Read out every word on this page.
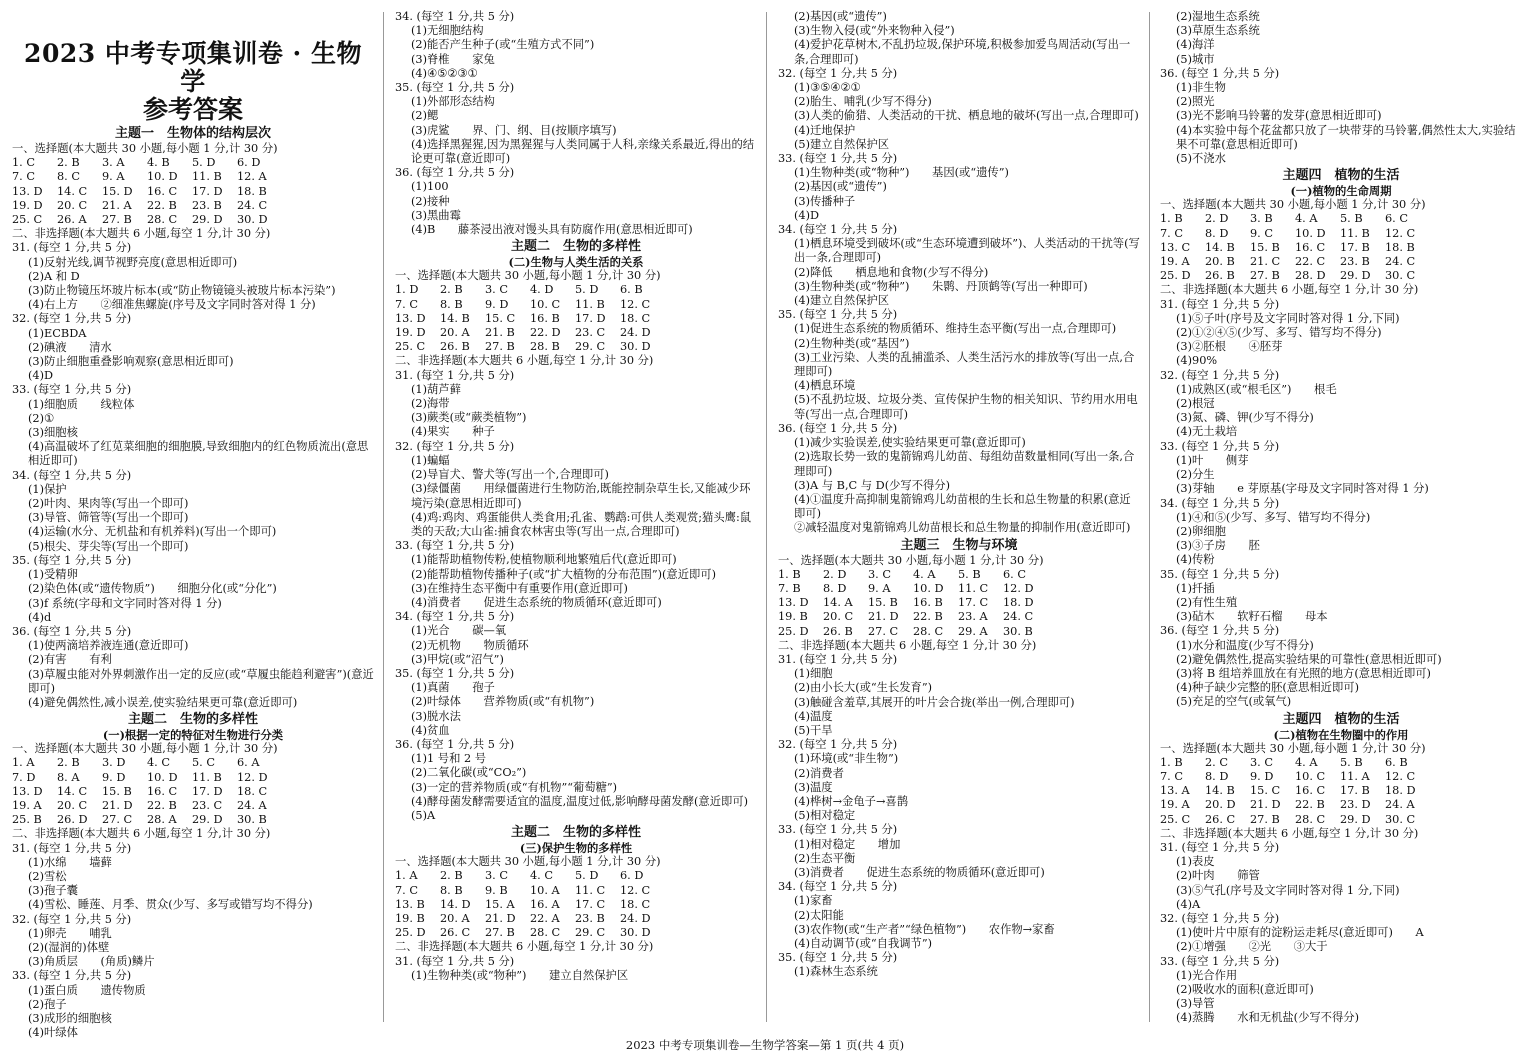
2023 中考专项集训卷 · 生物学
参考答案
主题一　生物体的结构层次
一、选择题(本大题共 30 小题,每小题 1 分,计 30 分)
1. C	2. B	3. A	4. B	5. D	6. D
7. C	8. C	9. A	10. D	11. B	12. A
13. D	14. C	15. D	16. C	17. D	18. B
19. D	20. C	21. A	22. B	23. B	24. C
25. C	26. A	27. B	28. C	29. D	30. D
二、非选择题(本大题共 6 小题,每空 1 分,计 30 分)
31. (每空 1 分,共 5 分)
(1)反射光线,调节视野亮度(意思相近即可)
(2)A 和 D
(3)防止物镜压坏玻片标本(或“防止物镜镜头被玻片标本污染”)
(4)右上方　　②细准焦螺旋(序号及文字同时答对得 1 分)
32. (每空 1 分,共 5 分)
(1)ECBDA
(2)碘液　　清水
(3)防止细胞重叠影响观察(意思相近即可)
(4)D
33. (每空 1 分,共 5 分)
(1)细胞质　　线粒体
(2)①
(3)细胞核
(4)高温破坏了红苋菜细胞的细胞膜,导致细胞内的红色物质流出(意思相近即可)
34. (每空 1 分,共 5 分)
(1)保护
(2)叶肉、果肉等(写出一个即可)
(3)导管、筛管等(写出一个即可)
(4)运输(水分、无机盐和有机养料)(写出一个即可)
(5)根尖、芽尖等(写出一个即可)
35. (每空 1 分,共 5 分)
(1)受精卵
(2)染色体(或“遗传物质”)　　细胞分化(或“分化”)
(3)f 系统(字母和文字同时答对得 1 分)
(4)d
36. (每空 1 分,共 5 分)
(1)使两滴培养液连通(意近即可)
(2)有害　　有利
(3)草履虫能对外界刺激作出一定的反应(或“草履虫能趋利避害”)(意近即可)
(4)避免偶然性,减小误差,使实验结果更可靠(意近即可)
主题二　生物的多样性
(一)根据一定的特征对生物进行分类
一、选择题(本大题共 30 小题,每小题 1 分,计 30 分)
1. A	2. B	3. D	4. C	5. C	6. A
7. D	8. A	9. D	10. D	11. B	12. D
13. D	14. C	15. B	16. C	17. D	18. C
19. A	20. C	21. D	22. B	23. C	24. A
25. B	26. D	27. C	28. A	29. D	30. B
二、非选择题(本大题共 6 小题,每空 1 分,计 30 分)
31. (每空 1 分,共 5 分)
(1)水绵　　墙藓
(2)雪松
(3)孢子囊
(4)雪松、睡莲、月季、贯众(少写、多写或错写均不得分)
32. (每空 1 分,共 5 分)
(1)卵壳　　哺乳
(2)(湿润的)体壁
(3)角质层　　(角质)鳞片
33. (每空 1 分,共 5 分)
(1)蛋白质　　遗传物质
(2)孢子
(3)成形的细胞核
(4)叶绿体
34. (每空 1 分,共 5 分)
(1)无细胞结构
(2)能否产生种子(或“生殖方式不同”)
(3)脊椎　　家兔
(4)④⑤②③①
35. (每空 1 分,共 5 分)
(1)外部形态结构
(2)鳃
(3)虎鲨　　界、门、纲、目(按顺序填写)
(4)选择黑猩猩,因为黑猩猩与人类同属于人科,亲缘关系最近,得出的结论更可靠(意近即可)
36. (每空 1 分,共 5 分)
(1)100
(2)接种
(3)黑曲霉
(4)B　　藤茶浸出液对馒头具有防腐作用(意思相近即可)
主题二　生物的多样性
(二)生物与人类生活的关系
一、选择题(本大题共 30 小题,每小题 1 分,计 30 分)
1. D	2. B	3. C	4. D	5. D	6. B
7. C	8. B	9. D	10. C	11. B	12. C
13. D	14. B	15. C	16. B	17. D	18. C
19. D	20. A	21. B	22. D	23. C	24. D
25. C	26. B	27. B	28. B	29. C	30. D
二、非选择题(本大题共 6 小题,每空 1 分,计 30 分)
31. (每空 1 分,共 5 分)
(1)葫芦藓
(2)海带
(3)蕨类(或“蕨类植物”)
(4)果实　　种子
32. (每空 1 分,共 5 分)
(1)蝙蝠
(2)导盲犬、警犬等(写出一个,合理即可)
(3)绿僵菌　　用绿僵菌进行生物防治,既能控制杂草生长,又能减少环境污染(意思相近即可)
(4)鸡:鸡肉、鸡蛋能供人类食用;孔雀、鹦鹉:可供人类观赏;猫头鹰:鼠类的天敌;大山雀:捕食农林害虫等(写出一点,合理即可)
33. (每空 1 分,共 5 分)
(1)能帮助植物传粉,使植物顺利地繁殖后代(意近即可)
(2)能帮助植物传播种子(或“扩大植物的分布范围”)(意近即可)
(3)在维持生态平衡中有重要作用(意近即可)
(4)消费者　　促进生态系统的物质循环(意近即可)
34. (每空 1 分,共 5 分)
(1)光合　　碳—氧
(2)无机物　　物质循环
(3)甲烷(或“沼气”)
35. (每空 1 分,共 5 分)
(1)真菌　　孢子
(2)叶绿体　　营养物质(或“有机物”)
(3)脱水法
(4)贫血
36. (每空 1 分,共 5 分)
(1)1 号和 2 号
(2)二氧化碳(或“CO₂”)
(3)一定的营养物质(或“有机物”“葡萄糖”)
(4)酵母菌发酵需要适宜的温度,温度过低,影响酵母菌发酵(意近即可)
(5)A
主题二　生物的多样性
(三)保护生物的多样性
一、选择题(本大题共 30 小题,每小题 1 分,计 30 分)
1. A	2. B	3. C	4. C	5. D	6. D
7. C	8. B	9. B	10. A	11. C	12. C
13. B	14. D	15. A	16. A	17. C	18. C
19. B	20. A	21. D	22. A	23. B	24. D
25. D	26. C	27. B	28. C	29. C	30. D
二、非选择题(本大题共 6 小题,每空 1 分,计 30 分)
31. (每空 1 分,共 5 分)
(1)生物种类(或“物种”)　　建立自然保护区
(2)基因(或“遗传”)
(3)生物入侵(或“外来物种入侵”)
(4)爱护花草树木,不乱扔垃圾,保护环境,积极参加爱鸟周活动(写出一条,合理即可)
32. (每空 1 分,共 5 分)
(1)③⑤④②①
(2)胎生、哺乳(少写不得分)
(3)人类的偷猎、人类活动的干扰、栖息地的破坏(写出一点,合理即可)
(4)迁地保护
(5)建立自然保护区
33. (每空 1 分,共 5 分)
(1)生物种类(或“物种”)　　基因(或“遗传”)
(2)基因(或“遗传”)
(3)传播种子
(4)D
34. (每空 1 分,共 5 分)
(1)栖息环境受到破坏(或“生态环境遭到破坏”)、人类活动的干扰等(写出一条,合理即可)
(2)降低　　栖息地和食物(少写不得分)
(3)生物种类(或“物种”)　　朱鹮、丹顶鹤等(写出一种即可)
(4)建立自然保护区
35. (每空 1 分,共 5 分)
(1)促进生态系统的物质循环、维持生态平衡(写出一点,合理即可)
(2)生物种类(或“基因”)
(3)工业污染、人类的乱捕滥杀、人类生活污水的排放等(写出一点,合理即可)
(4)栖息环境
(5)不乱扔垃圾、垃圾分类、宣传保护生物的相关知识、节约用水用电等(写出一点,合理即可)
36. (每空 1 分,共 5 分)
(1)减少实验误差,使实验结果更可靠(意近即可)
(2)选取长势一致的鬼箭锦鸡儿幼苗、每组幼苗数量相同(写出一条,合理即可)
(3)A 与 B,C 与 D(少写不得分)
(4)①温度升高抑制鬼箭锦鸡儿幼苗根的生长和总生物量的积累(意近即可)
②减轻温度对鬼箭锦鸡儿幼苗根长和总生物量的抑制作用(意近即可)
主题三　生物与环境
一、选择题(本大题共 30 小题,每小题 1 分,计 30 分)
1. B	2. D	3. C	4. A	5. B	6. C
7. B	8. D	9. A	10. D	11. C	12. D
13. D	14. A	15. B	16. B	17. C	18. D
19. B	20. C	21. D	22. B	23. A	24. C
25. D	26. B	27. C	28. C	29. A	30. B
二、非选择题(本大题共 6 小题,每空 1 分,计 30 分)
31. (每空 1 分,共 5 分)
(1)细胞
(2)由小长大(或“生长发育”)
(3)触碰含羞草,其展开的叶片会合拢(举出一例,合理即可)
(4)温度
(5)干旱
32. (每空 1 分,共 5 分)
(1)环境(或“非生物”)
(2)消费者
(3)温度
(4)桦树→金龟子→喜鹊
(5)相对稳定
33. (每空 1 分,共 5 分)
(1)相对稳定　　增加
(2)生态平衡
(3)消费者　　促进生态系统的物质循环(意近即可)
34. (每空 1 分,共 5 分)
(1)家畜
(2)太阳能
(3)农作物(或“生产者”“绿色植物”)　　农作物→家畜
(4)自动调节(或“自我调节”)
35. (每空 1 分,共 5 分)
(1)森林生态系统
(2)湿地生态系统
(3)草原生态系统
(4)海洋
(5)城市
36. (每空 1 分,共 5 分)
(1)非生物
(2)照光
(3)光不影响马铃薯的发芽(意思相近即可)
(4)本实验中每个花盆都只放了一块带芽的马铃薯,偶然性太大,实验结果不可靠(意思相近即可)
(5)不浇水
主题四　植物的生活
(一)植物的生命周期
一、选择题(本大题共 30 小题,每小题 1 分,计 30 分)
1. B	2. D	3. B	4. A	5. B	6. C
7. C	8. D	9. C	10. D	11. B	12. C
13. C	14. B	15. B	16. C	17. B	18. B
19. A	20. B	21. C	22. C	23. B	24. C
25. D	26. B	27. B	28. D	29. D	30. C
二、非选择题(本大题共 6 小题,每空 1 分,计 30 分)
31. (每空 1 分,共 5 分)
(1)⑤子叶(序号及文字同时答对得 1 分,下同)
(2)①②④⑤(少写、多写、错写均不得分)
(3)②胚根　　④胚芽
(4)90%
32. (每空 1 分,共 5 分)
(1)成熟区(或“根毛区”)　　根毛
(2)根冠
(3)氮、磷、钾(少写不得分)
(4)无土栽培
33. (每空 1 分,共 5 分)
(1)叶　　侧芽
(2)分生
(3)芽轴　　e 芽原基(字母及文字同时答对得 1 分)
34. (每空 1 分,共 5 分)
(1)④和⑤(少写、多写、错写均不得分)
(2)卵细胞
(3)③子房　　胚
(4)传粉
35. (每空 1 分,共 5 分)
(1)扦插
(2)有性生殖
(3)砧木　　软籽石榴　　母本
36. (每空 1 分,共 5 分)
(1)水分和温度(少写不得分)
(2)避免偶然性,提高实验结果的可靠性(意思相近即可)
(3)将 B 组培养皿放在有光照的地方(意思相近即可)
(4)种子缺少完整的胚(意思相近即可)
(5)充足的空气(或氧气)
主题四　植物的生活
(二)植物在生物圈中的作用
一、选择题(本大题共 30 小题,每小题 1 分,计 30 分)
1. B	2. C	3. C	4. A	5. B	6. B
7. C	8. D	9. D	10. C	11. A	12. C
13. A	14. B	15. C	16. C	17. B	18. D
19. A	20. D	21. D	22. B	23. D	24. A
25. C	26. C	27. B	28. C	29. D	30. C
二、非选择题(本大题共 6 小题,每空 1 分,计 30 分)
31. (每空 1 分,共 5 分)
(1)表皮
(2)叶肉　　筛管
(3)⑤气孔(序号及文字同时答对得 1 分,下同)
(4)A
32. (每空 1 分,共 5 分)
(1)使叶片中原有的淀粉运走耗尽(意近即可)　　A
(2)①增强　　②光　　③大于
33. (每空 1 分,共 5 分)
(1)光合作用
(2)吸收水的面积(意近即可)
(3)导管
(4)蒸腾　　水和无机盐(少写不得分)
2023 中考专项集训卷—生物学答案—第 1 页(共 4 页)
